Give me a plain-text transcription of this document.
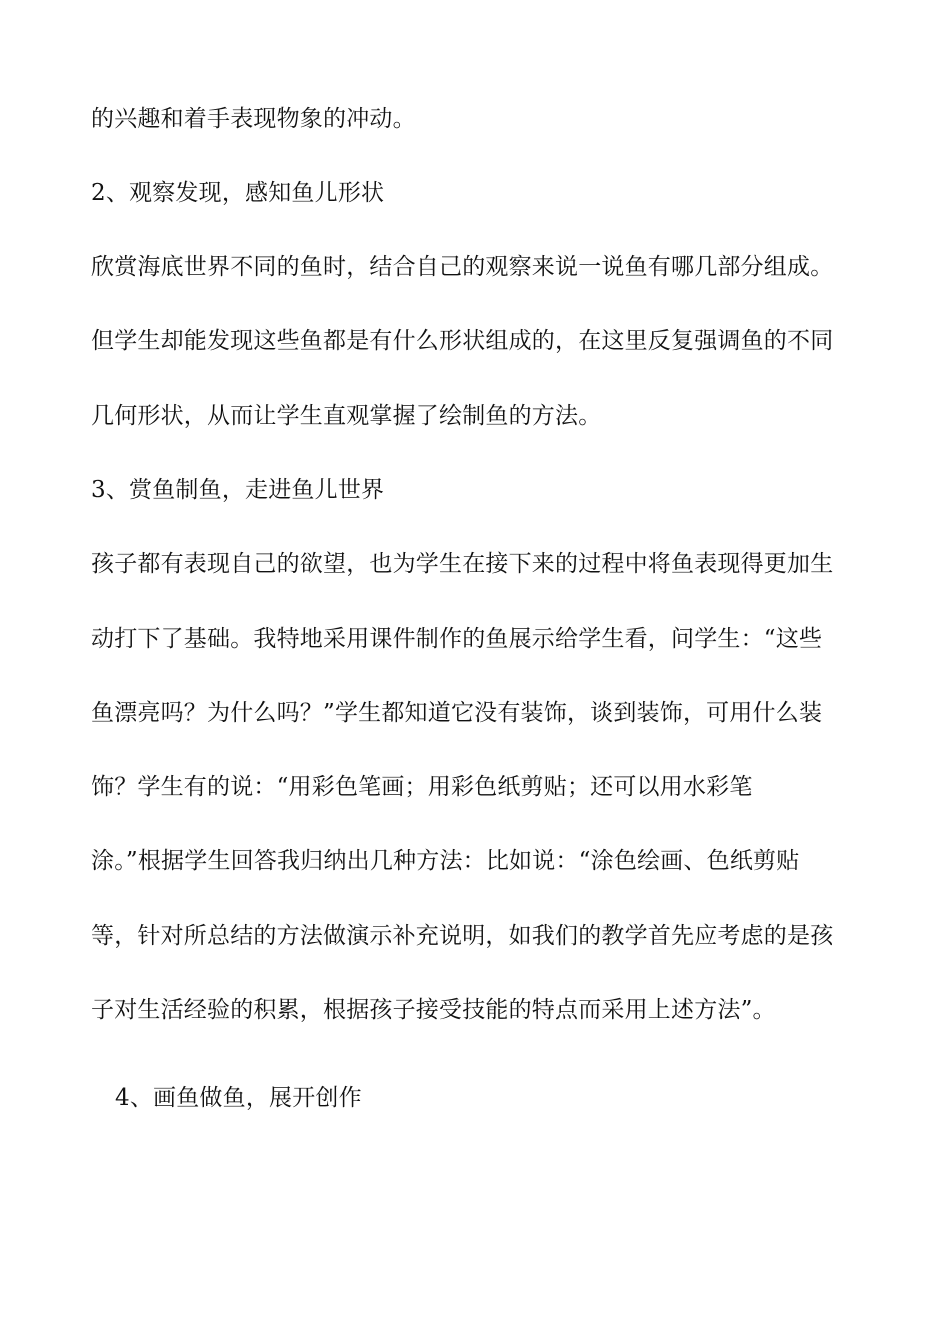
的兴趣和着手表现物象的冲动。
2、观察发现，感知鱼儿形状
欣赏海底世界不同的鱼时，结合自己的观察来说一说鱼有哪几部分组成。
但学生却能发现这些鱼都是有什么形状组成的，在这里反复强调鱼的不同
几何形状，从而让学生直观掌握了绘制鱼的方法。
3、赏鱼制鱼，走进鱼儿世界
孩子都有表现自己的欲望，也为学生在接下来的过程中将鱼表现得更加生
动打下了基础。我特地采用课件制作的鱼展示给学生看，问学生：“这些
鱼漂亮吗？为什么吗？”学生都知道它没有装饰，谈到装饰，可用什么装
饰？学生有的说：“用彩色笔画；用彩色纸剪贴；还可以用水彩笔
涂。”根据学生回答我归纳出几种方法：比如说：“涂色绘画、色纸剪贴
等，针对所总结的方法做演示补充说明，如我们的教学首先应考虑的是孩
子对生活经验的积累，根据孩子接受技能的特点而采用上述方法”。
4、画鱼做鱼，展开创作
